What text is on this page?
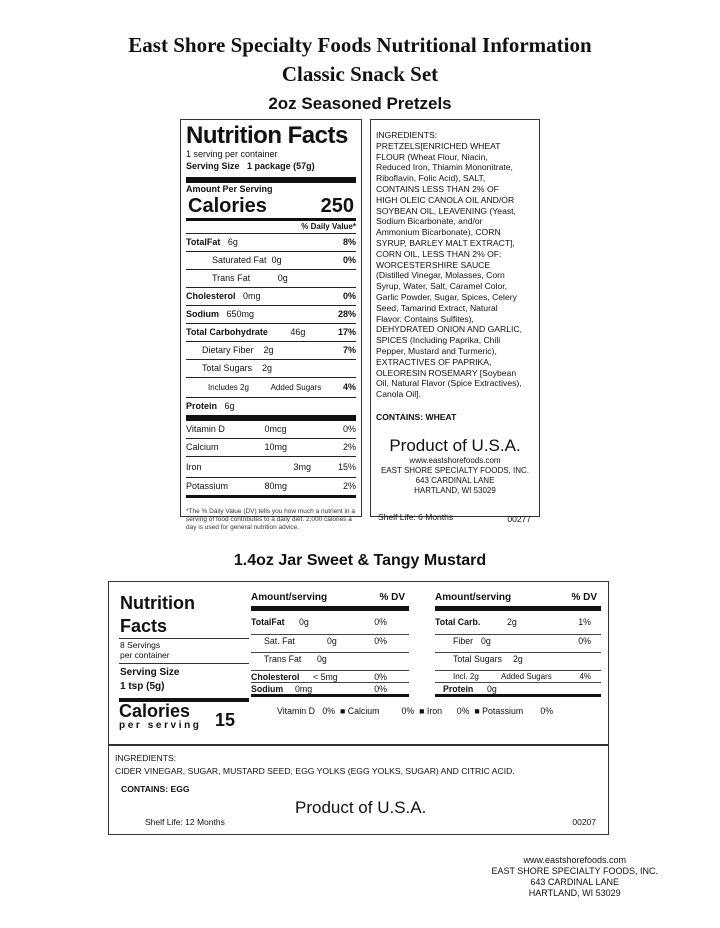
East Shore Specialty Foods Nutritional Information
Classic Snack Set
2oz Seasoned Pretzels
Nutrition Facts
1 serving per container
Serving Size 1 package (57g)
Amount Per Serving
Calories	250
% Daily Value*
TotalFat 6g	8%
Saturated Fat 0g	0%
Trans Fat	0g
Cholesterol 0mg	0%
Sodium 650mg	28%
Total Carbohydrate	46g	17%
Dietary Fiber 2g	7%
Total Sugars 2g
Includes 2g	Added Sugars 4%
Protein 6g
Vitamin D	0mcg	0%
Calcium	10mg	2%
Iron	3mg	15%
Potassium	80mg	2%
*The % Daily Value (DV) tells you how much a nutrient in a serving of food contributes to a daily diet. 2,000 calories a day is used for general nutrition advice.
INGREDIENTS:
PRETZELS[ENRICHED WHEAT
FLOUR (Wheat Flour, Niacin,
Reduced Iron, Thiamin Mononitrate,
Riboflavin, Folic Acid), SALT,
CONTAINS LESS THAN 2% OF
HIGH OLEIC CANOLA OIL AND/OR
SOYBEAN OIL, LEAVENING (Yeast,
Sodium Bicarbonate, and/or
Ammonium Bicarbonate), CORN
SYRUP, BARLEY MALT EXTRACT],
CORN OIL, LESS THAN 2% OF:
WORCESTERSHIRE SAUCE
(Distilled Vinegar, Molasses, Corn
Syrup, Water, Salt, Caramel Color,
Garlic Powder, Sugar, Spices, Celery
Seed, Tamarind Extract, Natural
Flavor. Contains Sulfites),
DEHYDRATED ONION AND GARLIC,
SPICES (Including Paprika, Chili
Pepper, Mustard and Turmeric),
EXTRACTIVES OF PAPRIKA,
OLEORESIN ROSEMARY [Soybean
Oil, Natural Flavor (Spice Extractives),
Canola Oil].
CONTAINS: WHEAT
Product of U.S.A.
www.eastshorefoods.com
EAST SHORE SPECIALTY FOODS, INC.
643 CARDINAL LANE
HARTLAND, WI 53029
Shelf Life: 6 Months	00277
1.4oz Jar Sweet & Tangy Mustard
Nutrition
Facts
8 Servings
per container
Serving Size
1 tsp (5g)
Calories
per serving 15
Amount/serving	% DV
TotalFat 0g	0%
Sat. Fat	0g	0%
Trans Fat 0g
Cholesterol < 5mg	0%
Sodium 0mg	0%
Amount/serving	% DV
Total Carb.	2g	1%
Fiber 0g	0%
Total Sugars 2g
Incl. 2g	Added Sugars	4%
Protein 0g
Vitamin D 0% ■ Calcium	0% ■ Iron 0% ■ Potassium 0%
INGREDIENTS:
CIDER VINEGAR, SUGAR, MUSTARD SEED, EGG YOLKS (EGG YOLKS, SUGAR) AND CITRIC ACID.
CONTAINS: EGG
Product of U.S.A.
Shelf Life: 12 Months	00207
www.eastshorefoods.com
EAST SHORE SPECIALTY FOODS, INC.
643 CARDINAL LANE
HARTLAND, WI 53029
